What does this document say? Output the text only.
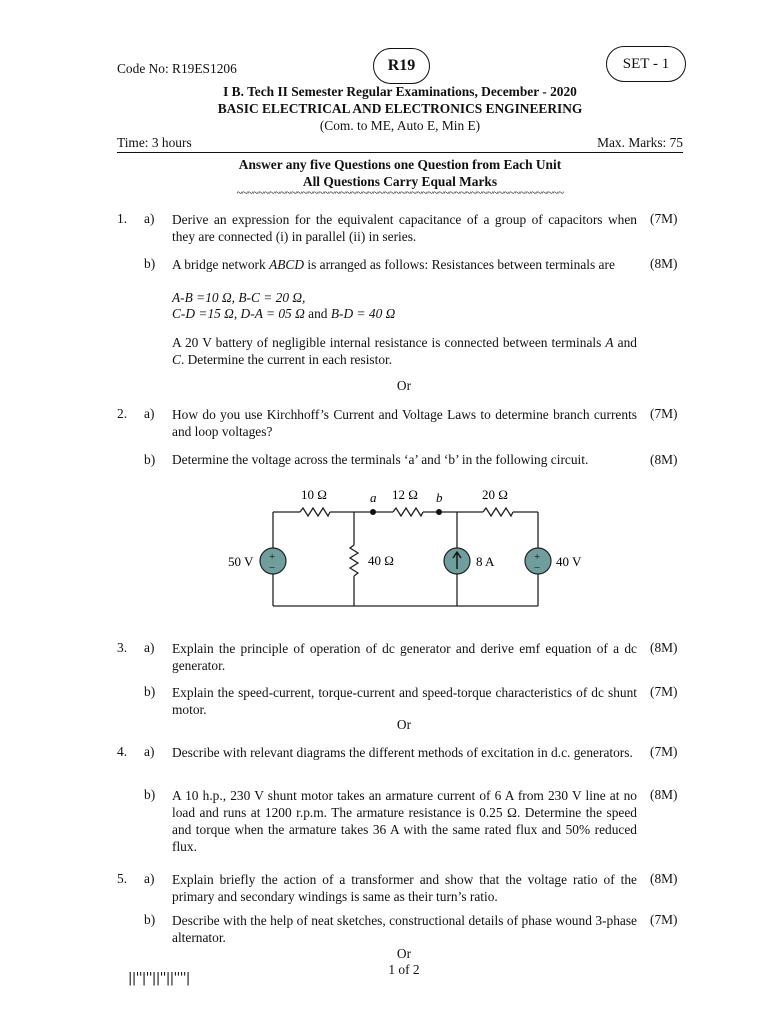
Code No: R19ES1206	R19	SET - 1
I B. Tech II Semester Regular Examinations, December - 2020
BASIC ELECTRICAL AND ELECTRONICS ENGINEERING
(Com. to ME, Auto E, Min E)
Time: 3 hours	Max. Marks: 75
Answer any five Questions one Question from Each Unit
All Questions Carry Equal Marks
~~~~~~~~~~~~~~~~~~~~~~~~~~~~~~~~~~~~~~~~~~~~~~~~~~~~~~~~~~~~
1. a) Derive an expression for the equivalent capacitance of a group of capacitors when they are connected (i) in parallel (ii) in series.
(7M)
b) A bridge network ABCD is arranged as follows: Resistances between terminals are	(8M)
A-B =10 Ω, B-C = 20 Ω,
C-D =15 Ω, D-A = 05 Ω and B-D = 40 Ω
A 20 V battery of negligible internal resistance is connected between terminals A and C. Determine the current in each resistor.
Or
2. a) How do you use Kirchhoff’s Current and Voltage Laws to determine branch currents and loop voltages?
(7M)
b) Determine the voltage across the terminals ‘a’ and ‘b’ in the following circuit.	(8M)
10 Ω	a 12 Ω b	20 Ω
40 Ω
50 V	8 A	40 V
+
−
+
−
3. a) Explain the principle of operation of dc generator and derive emf equation of a dc generator.
(8M)
b) Explain the speed-current, torque-current and speed-torque characteristics of dc shunt motor.
(7M)
Or
4. a) Describe with relevant diagrams the different methods of excitation in d.c. generators.	(7M)
b) A 10 h.p., 230 V shunt motor takes an armature current of 6 A from 230 V line at no load and runs at 1200 r.p.m. The armature resistance is 0.25 Ω. Determine the speed and torque when the armature takes 36 A with the same rated flux and 50% reduced flux.
(8M)
5. a) Explain briefly the action of a transformer and show that the voltage ratio of the primary and secondary windings is same as their turn’s ratio.
(8M)
b) Describe with the help of neat sketches, constructional details of phase wound 3-phase alternator.
(7M)
Or
1 of 2
||''|''||''||''''|
